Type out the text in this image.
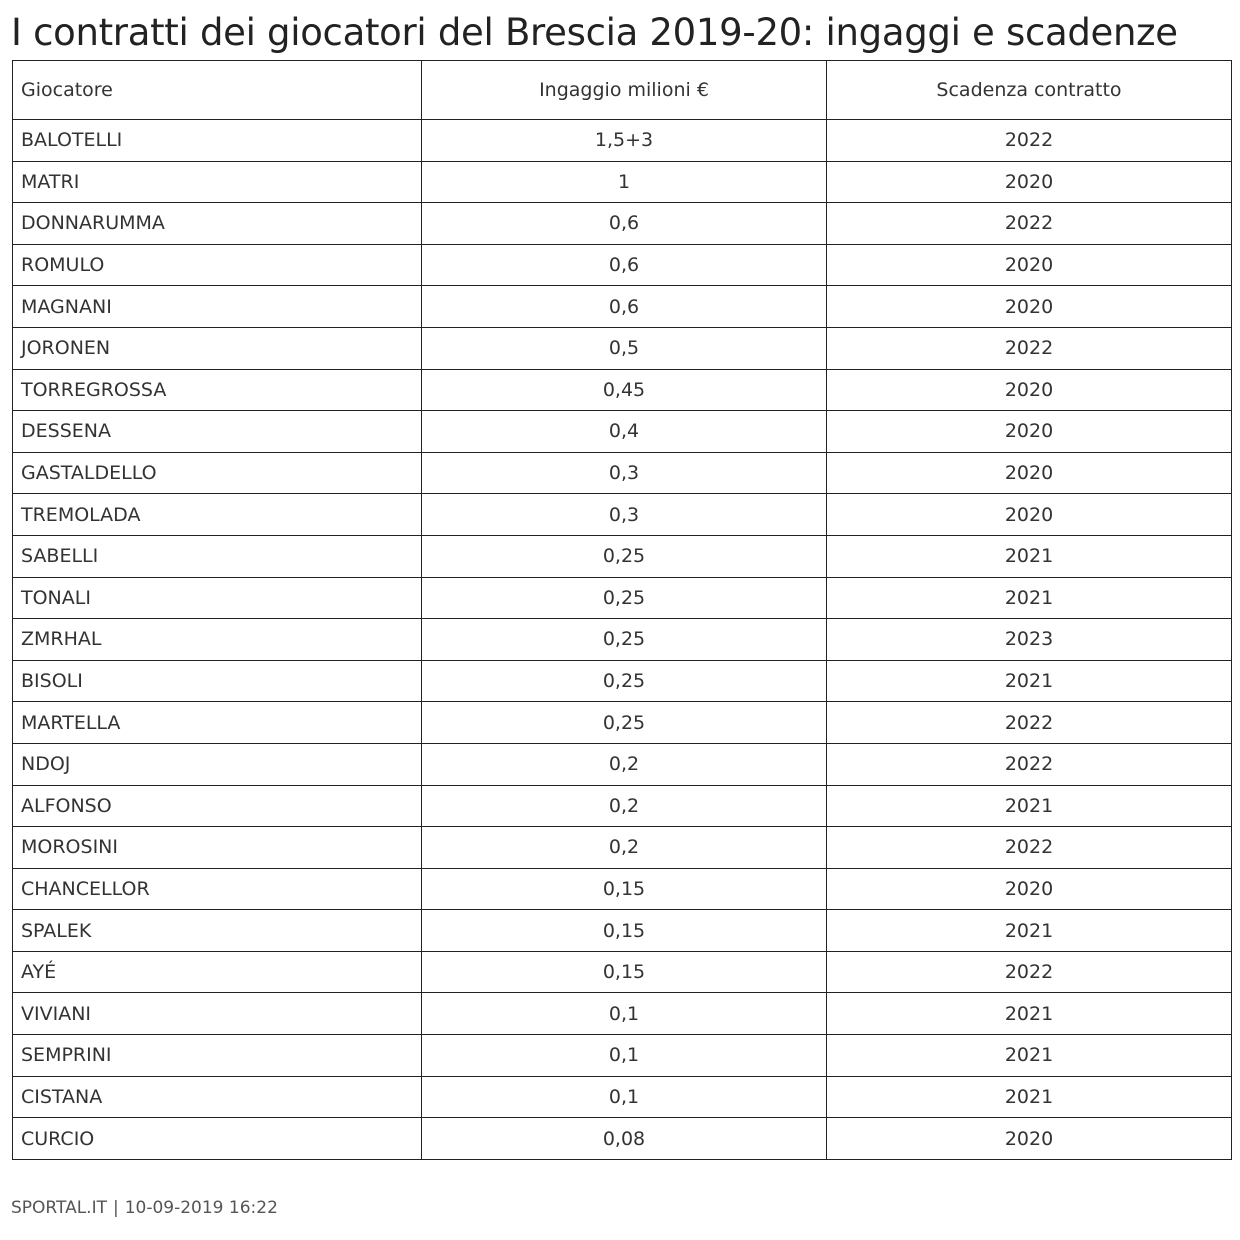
I contratti dei giocatori del Brescia 2019-20: ingaggi e scadenze
Giocatore	Ingaggio milioni €	Scadenza contratto
BALOTELLI	1,5+3	2022
MATRI	1	2020
DONNARUMMA	0,6	2022
ROMULO	0,6	2020
MAGNANI	0,6	2020
JORONEN	0,5	2022
TORREGROSSA	0,45	2020
DESSENA	0,4	2020
GASTALDELLO	0,3	2020
TREMOLADA	0,3	2020
SABELLI	0,25	2021
TONALI	0,25	2021
ZMRHAL	0,25	2023
BISOLI	0,25	2021
MARTELLA	0,25	2022
NDOJ	0,2	2022
ALFONSO	0,2	2021
MOROSINI	0,2	2022
CHANCELLOR	0,15	2020
SPALEK	0,15	2021
AYÉ	0,15	2022
VIVIANI	0,1	2021
SEMPRINI	0,1	2021
CISTANA	0,1	2021
CURCIO	0,08	2020
SPORTAL.IT | 10-09-2019 16:22
